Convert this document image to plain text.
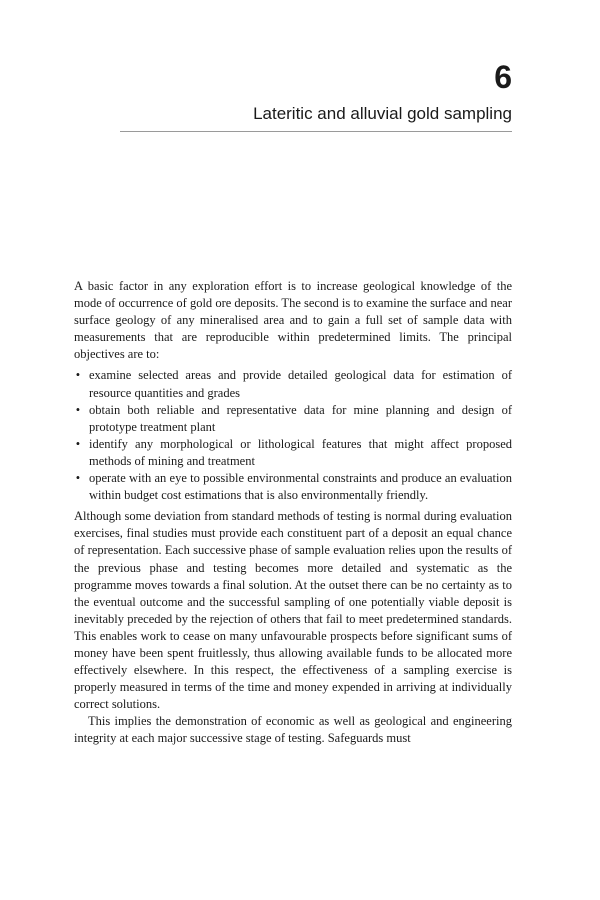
6
Lateritic and alluvial gold sampling

A basic factor in any exploration effort is to increase geological knowledge of the mode of occurrence of gold ore deposits. The second is to examine the surface and near surface geology of any mineralised area and to gain a full set of sample data with measurements that are reproducible within predetermined limits. The principal objectives are to:

• examine selected areas and provide detailed geological data for estimation of resource quantities and grades
• obtain both reliable and representative data for mine planning and design of prototype treatment plant
• identify any morphological or lithological features that might affect proposed methods of mining and treatment
• operate with an eye to possible environmental constraints and produce an evaluation within budget cost estimations that is also environmentally friendly.

Although some deviation from standard methods of testing is normal during evaluation exercises, final studies must provide each constituent part of a deposit an equal chance of representation. Each successive phase of sample evaluation relies upon the results of the previous phase and testing becomes more detailed and systematic as the programme moves towards a final solution. At the outset there can be no certainty as to the eventual outcome and the successful sampling of one potentially viable deposit is inevitably preceded by the rejection of others that fail to meet predetermined standards. This enables work to cease on many unfavourable prospects before significant sums of money have been spent fruitlessly, thus allowing available funds to be allocated more effectively elsewhere. In this respect, the effectiveness of a sampling exercise is properly measured in terms of the time and money expended in arriving at individually correct solutions.

This implies the demonstration of economic as well as geological and engineering integrity at each major successive stage of testing. Safeguards must
